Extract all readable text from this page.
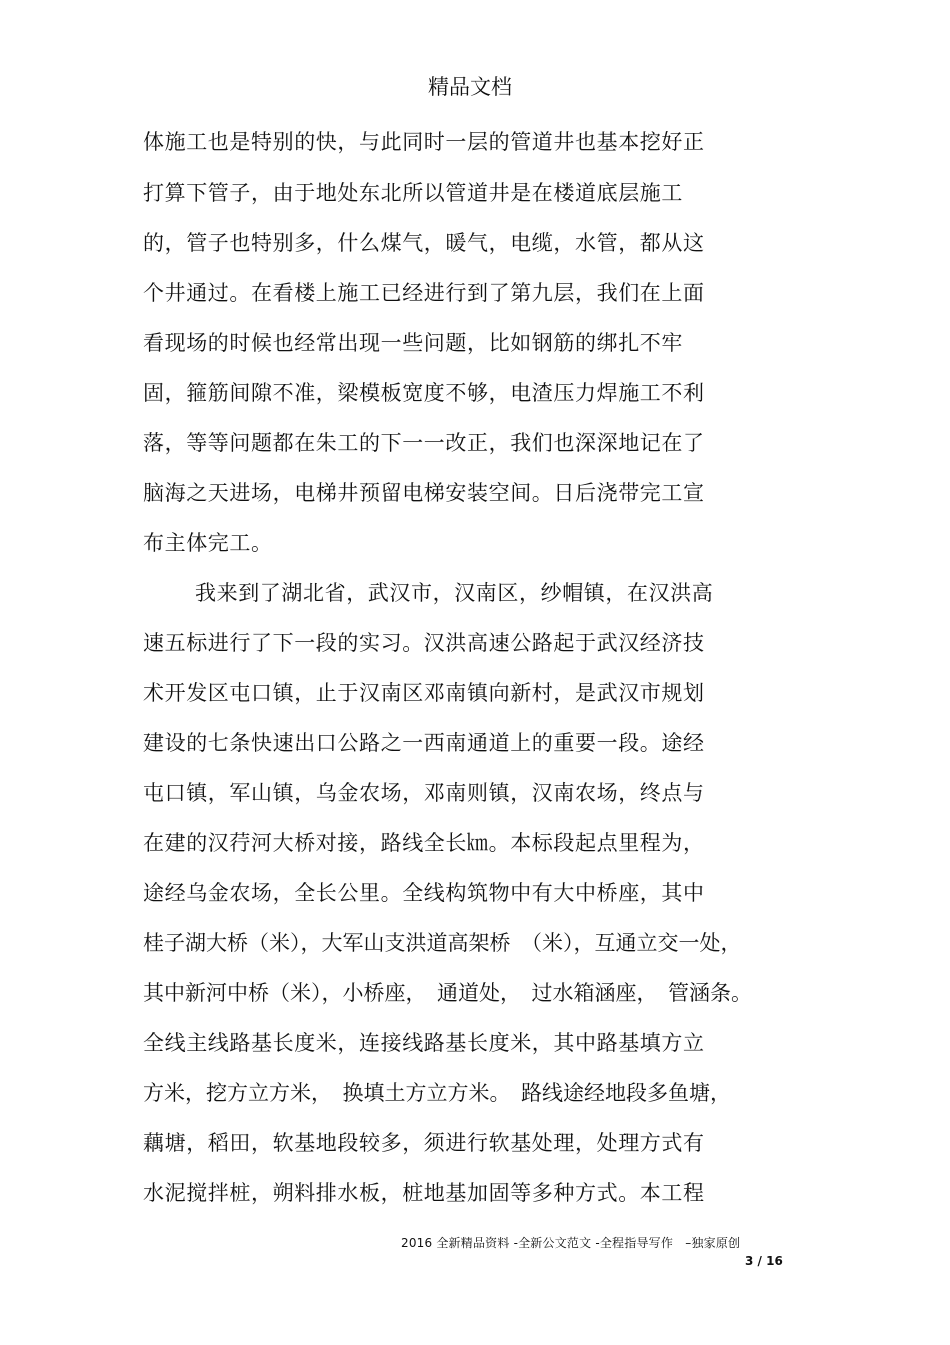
精品文档
体施工也是特别的快，与此同时一层的管道井也基本挖好正
打算下管子，由于地处东北所以管道井是在楼道底层施工
的，管子也特别多，什么煤气，暖气，电缆，水管，都从这
个井通过。在看楼上施工已经进行到了第九层，我们在上面
看现场的时候也经常出现一些问题，比如钢筋的绑扎不牢
固，箍筋间隙不准，梁模板宽度不够，电渣压力焊施工不利
落，等等问题都在朱工的下一一改正，我们也深深地记在了
脑海之天进场，电梯井预留电梯安装空间。日后浇带完工宣
布主体完工。
我来到了湖北省，武汉市，汉南区，纱帽镇，在汉洪高
速五标进行了下一段的实习。汉洪高速公路起于武汉经济技
术开发区屯口镇，止于汉南区邓南镇向新村，是武汉市规划
建设的七条快速出口公路之一西南通道上的重要一段。途经
屯口镇，军山镇，乌金农场，邓南则镇，汉南农场，终点与
在建的汉荇河大桥对接，路线全长㎞。本标段起点里程为，
途经乌金农场，全长公里。全线构筑物中有大中桥座，其中
桂子湖大桥（米），大军山支洪道高架桥　（米），互通立交一处，
其中新河中桥（米），小桥座，　通道处，　过水箱涵座，　管涵条。
全线主线路基长度米，连接线路基长度米，其中路基填方立
方米，挖方立方米，　换填土方立方米。　路线途经地段多鱼塘，
藕塘，稻田，软基地段较多，须进行软基处理，处理方式有
水泥搅拌桩，朔料排水板，桩地基加固等多种方式。本工程
2016 全新精品资料 -全新公文范文 -全程指导写作　–独家原创
3 / 16
